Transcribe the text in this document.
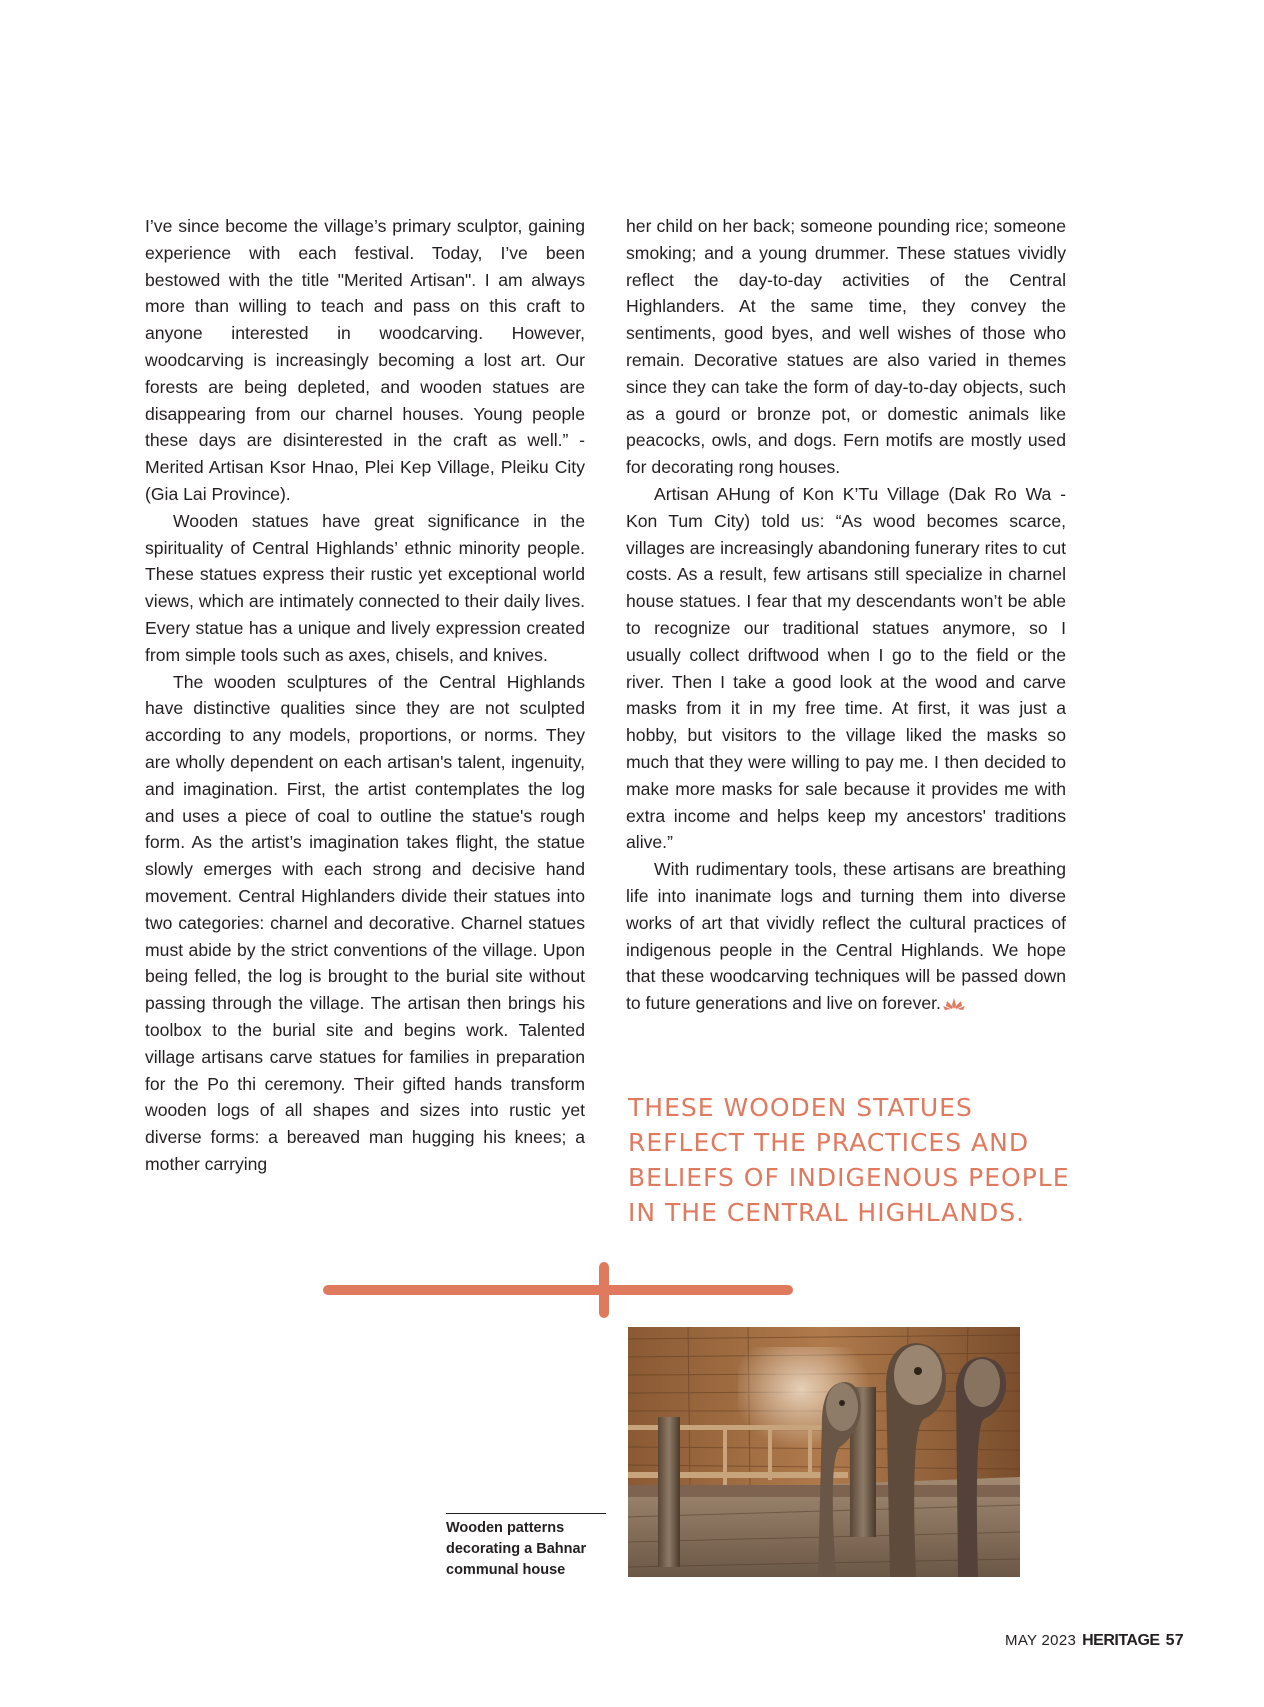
I’ve since become the village’s primary sculptor, gaining experience with each festival. Today, I’ve been bestowed with the title "Merited Artisan". I am always more than willing to teach and pass on this craft to anyone interested in woodcarving. However, woodcarving is increasingly becoming a lost art. Our forests are being depleted, and wooden statues are disappearing from our charnel houses. Young people these days are disinterested in the craft as well.” - Merited Artisan Ksor Hnao, Plei Kep Village, Pleiku City (Gia Lai Province).

Wooden statues have great significance in the spirituality of Central Highlands’ ethnic minority people. These statues express their rustic yet exceptional world views, which are intimately connected to their daily lives. Every statue has a unique and lively expression created from simple tools such as axes, chisels, and knives.

The wooden sculptures of the Central Highlands have distinctive qualities since they are not sculpted according to any models, proportions, or norms. They are wholly dependent on each artisan's talent, ingenuity, and imagination. First, the artist contemplates the log and uses a piece of coal to outline the statue's rough form. As the artist’s imagination takes flight, the statue slowly emerges with each strong and decisive hand movement. Central Highlanders divide their statues into two categories: charnel and decorative. Charnel statues must abide by the strict conventions of the village. Upon being felled, the log is brought to the burial site without passing through the village. The artisan then brings his toolbox to the burial site and begins work. Talented village artisans carve statues for families in preparation for the Po thi ceremony. Their gifted hands transform wooden logs of all shapes and sizes into rustic yet diverse forms: a bereaved man hugging his knees; a mother carrying

her child on her back; someone pounding rice; someone smoking; and a young drummer. These statues vividly reflect the day-to-day activities of the Central Highlanders. At the same time, they convey the sentiments, good byes, and well wishes of those who remain. Decorative statues are also varied in themes since they can take the form of day-to-day objects, such as a gourd or bronze pot, or domestic animals like peacocks, owls, and dogs. Fern motifs are mostly used for decorating rong houses.

Artisan AHung of Kon K’Tu Village (Dak Ro Wa - Kon Tum City) told us: “As wood becomes scarce, villages are increasingly abandoning funerary rites to cut costs. As a result, few artisans still specialize in charnel house statues. I fear that my descendants won’t be able to recognize our traditional statues anymore, so I usually collect driftwood when I go to the field or the river. Then I take a good look at the wood and carve masks from it in my free time. At first, it was just a hobby, but visitors to the village liked the masks so much that they were willing to pay me. I then decided to make more masks for sale because it provides me with extra income and helps keep my ancestors' traditions alive.”

With rudimentary tools, these artisans are breathing life into inanimate logs and turning them into diverse works of art that vividly reflect the cultural practices of indigenous people in the Central Highlands. We hope that these woodcarving techniques will be passed down to future generations and live on forever.

THESE WOODEN STATUES REFLECT THE PRACTICES AND BELIEFS OF INDIGENOUS PEOPLE IN THE CENTRAL HIGHLANDS.

Wooden patterns decorating a Bahnar communal house

MAY 2023 HERITAGE 57
